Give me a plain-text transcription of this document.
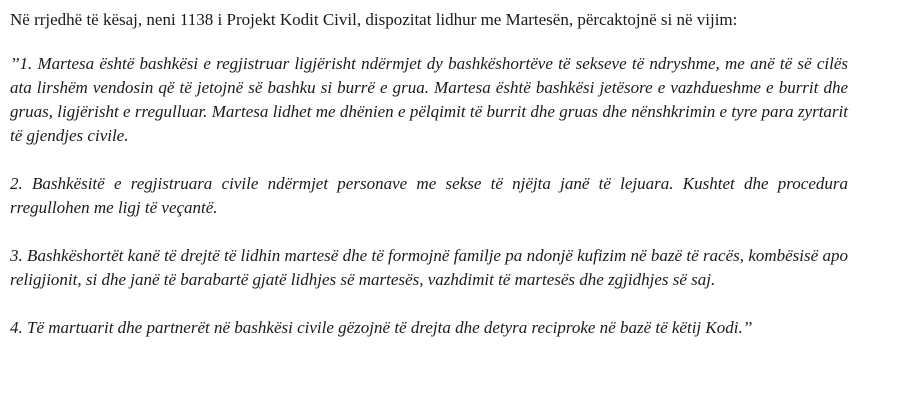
Në rrjedhë të kësaj, neni 1138 i Projekt Kodit Civil, dispozitat lidhur me Martesën, përcaktojnë si në vijim:

’’1. Martesa është bashkësi e regjistruar ligjërisht ndërmjet dy bashkëshortëve të sekseve të ndryshme, me anë të së cilës ata lirshëm vendosin që të jetojnë së bashku si burrë e grua. Martesa është bashkësi jetësore e vazhdueshme e burrit dhe gruas, ligjërisht e rregulluar. Martesa lidhet me dhënien e pëlqimit të burrit dhe gruas dhe nënshkrimin e tyre para zyrtarit të gjendjes civile.

2. Bashkësitë e regjistruara civile ndërmjet personave me sekse të njëjta janë të lejuara. Kushtet dhe procedura rregullohen me ligj të veçantë.

3. Bashkëshortët kanë të drejtë të lidhin martesë dhe të formojnë familje pa ndonjë kufizim në bazë të racës, kombësisë apo religjionit, si dhe janë të barabartë gjatë lidhjes së martesës, vazhdimit të martesës dhe zgjidhjes së saj.

4. Të martuarit dhe partnerët në bashkësi civile gëzojnë të drejta dhe detyra reciproke në bazë të këtij Kodi.’’
